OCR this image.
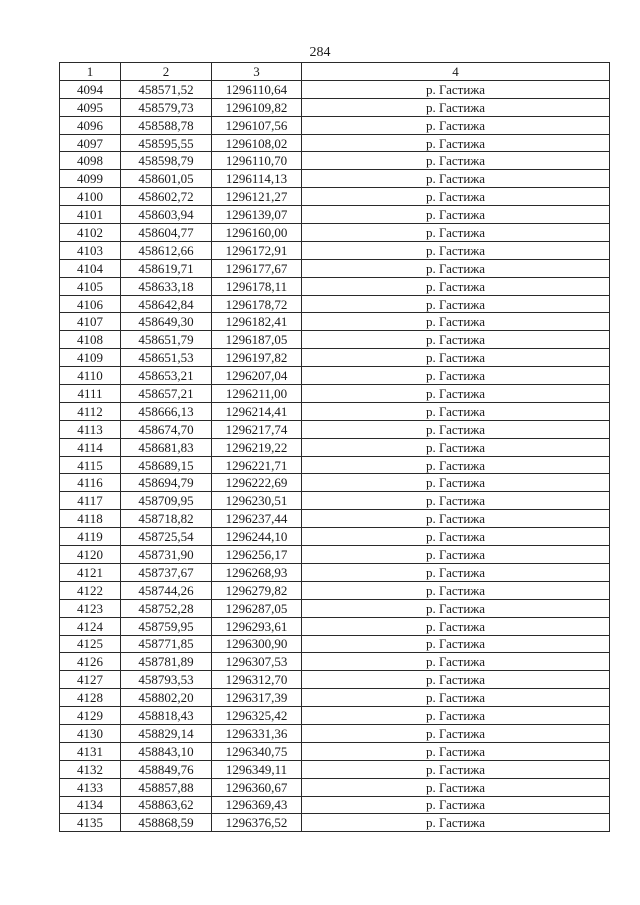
284
1	2	3	4
4094	458571,52	1296110,64	р. Гастижа
4095	458579,73	1296109,82	р. Гастижа
4096	458588,78	1296107,56	р. Гастижа
4097	458595,55	1296108,02	р. Гастижа
4098	458598,79	1296110,70	р. Гастижа
4099	458601,05	1296114,13	р. Гастижа
4100	458602,72	1296121,27	р. Гастижа
4101	458603,94	1296139,07	р. Гастижа
4102	458604,77	1296160,00	р. Гастижа
4103	458612,66	1296172,91	р. Гастижа
4104	458619,71	1296177,67	р. Гастижа
4105	458633,18	1296178,11	р. Гастижа
4106	458642,84	1296178,72	р. Гастижа
4107	458649,30	1296182,41	р. Гастижа
4108	458651,79	1296187,05	р. Гастижа
4109	458651,53	1296197,82	р. Гастижа
4110	458653,21	1296207,04	р. Гастижа
4111	458657,21	1296211,00	р. Гастижа
4112	458666,13	1296214,41	р. Гастижа
4113	458674,70	1296217,74	р. Гастижа
4114	458681,83	1296219,22	р. Гастижа
4115	458689,15	1296221,71	р. Гастижа
4116	458694,79	1296222,69	р. Гастижа
4117	458709,95	1296230,51	р. Гастижа
4118	458718,82	1296237,44	р. Гастижа
4119	458725,54	1296244,10	р. Гастижа
4120	458731,90	1296256,17	р. Гастижа
4121	458737,67	1296268,93	р. Гастижа
4122	458744,26	1296279,82	р. Гастижа
4123	458752,28	1296287,05	р. Гастижа
4124	458759,95	1296293,61	р. Гастижа
4125	458771,85	1296300,90	р. Гастижа
4126	458781,89	1296307,53	р. Гастижа
4127	458793,53	1296312,70	р. Гастижа
4128	458802,20	1296317,39	р. Гастижа
4129	458818,43	1296325,42	р. Гастижа
4130	458829,14	1296331,36	р. Гастижа
4131	458843,10	1296340,75	р. Гастижа
4132	458849,76	1296349,11	р. Гастижа
4133	458857,88	1296360,67	р. Гастижа
4134	458863,62	1296369,43	р. Гастижа
4135	458868,59	1296376,52	р. Гастижа
